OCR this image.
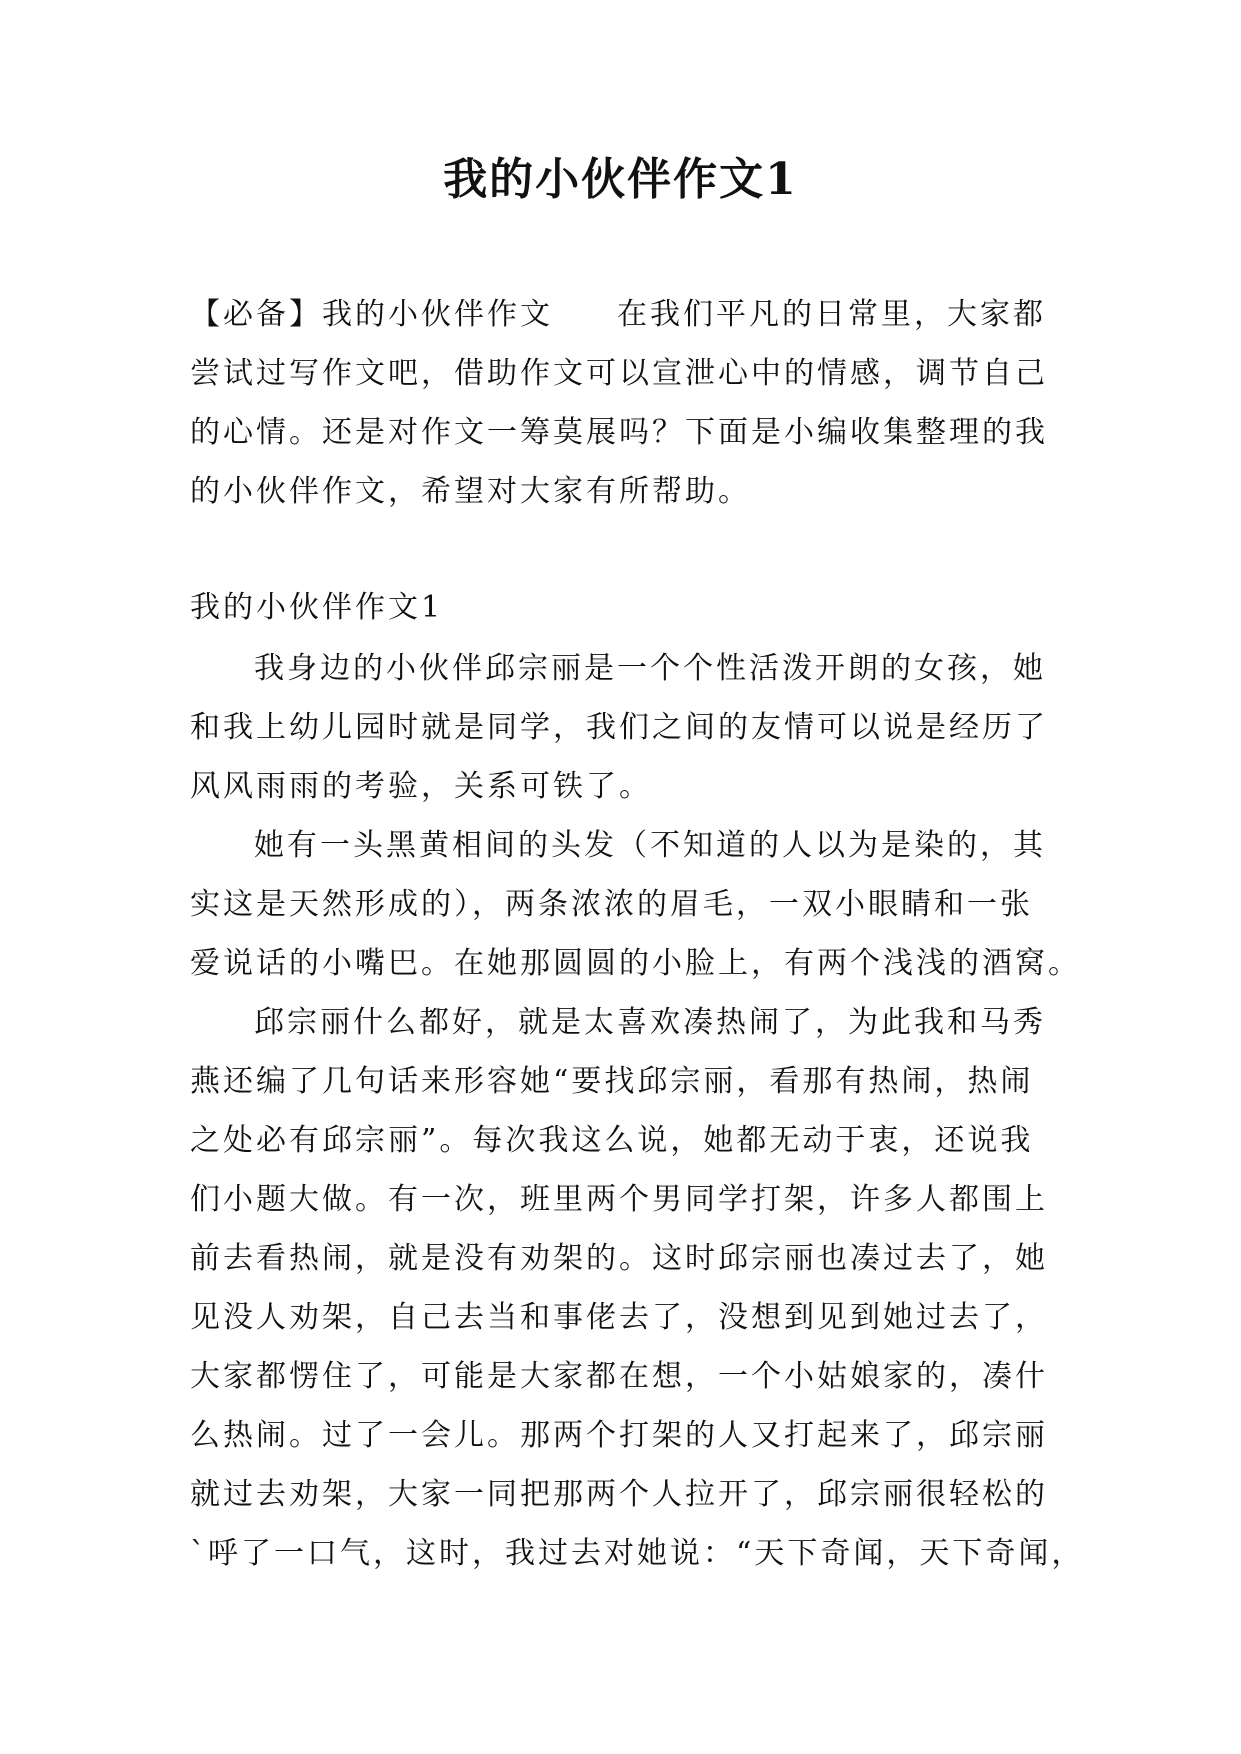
我的小伙伴作文1
【必备】我的小伙伴作文 在我们平凡的日常里，大家都
尝试过写作文吧，借助作文可以宣泄心中的情感，调节自己
的心情。还是对作文一筹莫展吗？下面是小编收集整理的我
的小伙伴作文，希望对大家有所帮助。
我的小伙伴作文1
我身边的小伙伴邱宗丽是一个个性活泼开朗的女孩，她
和我上幼儿园时就是同学，我们之间的友情可以说是经历了
风风雨雨的考验，关系可铁了。
她有一头黑黄相间的头发（不知道的人以为是染的，其
实这是天然形成的），两条浓浓的眉毛，一双小眼睛和一张
爱说话的小嘴巴。在她那圆圆的小脸上，有两个浅浅的酒窝。
邱宗丽什么都好，就是太喜欢凑热闹了，为此我和马秀
燕还编了几句话来形容她“要找邱宗丽，看那有热闹，热闹
之处必有邱宗丽”。每次我这么说，她都无动于衷，还说我
们小题大做。有一次，班里两个男同学打架，许多人都围上
前去看热闹，就是没有劝架的。这时邱宗丽也凑过去了，她
见没人劝架，自己去当和事佬去了，没想到见到她过去了，
大家都愣住了，可能是大家都在想，一个小姑娘家的，凑什
么热闹。过了一会儿。那两个打架的人又打起来了，邱宗丽
就过去劝架，大家一同把那两个人拉开了，邱宗丽很轻松的
`呼了一口气，这时，我过去对她说：“天下奇闻，天下奇闻，
